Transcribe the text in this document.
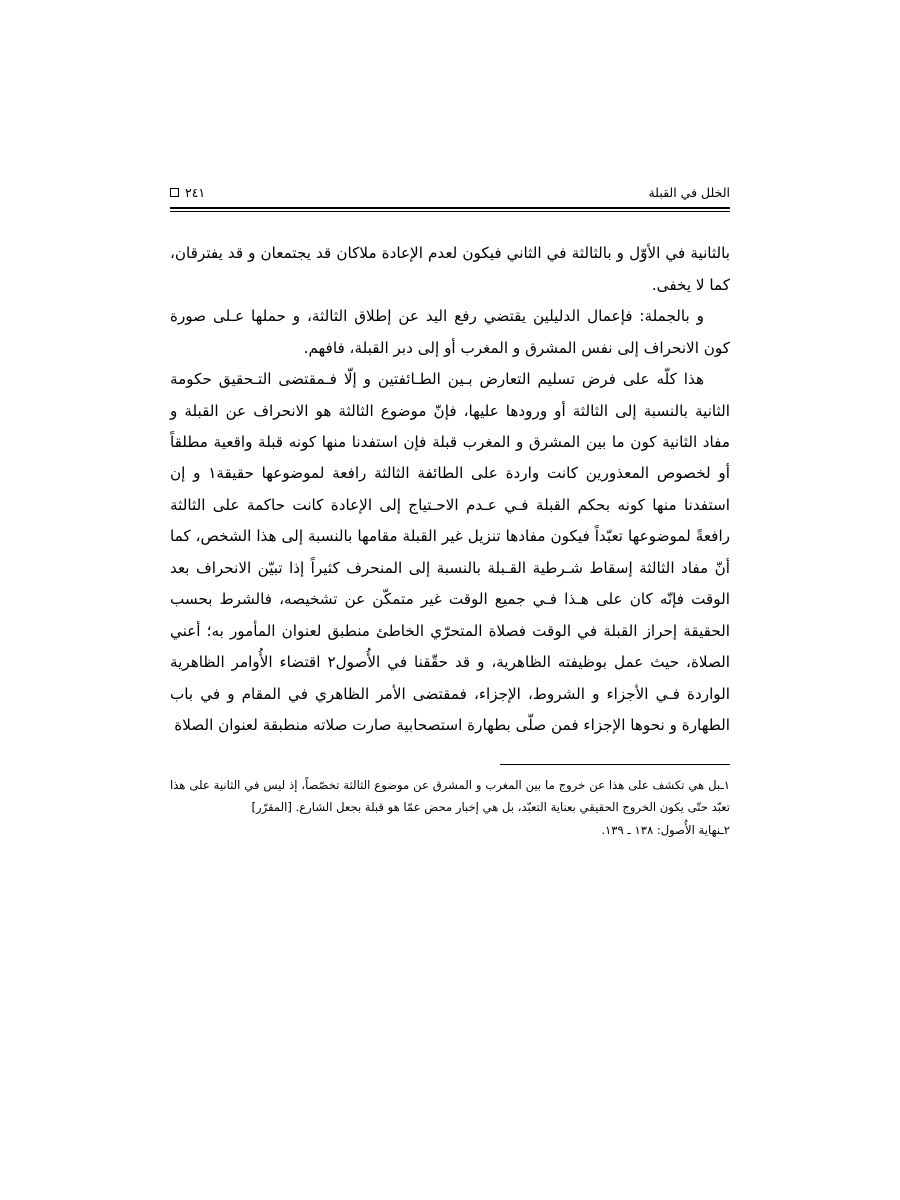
٢٤١	الخلل في القبلة

بالثانية في الأوّل و بالثالثة في الثاني فيكون لعدم الإعادة ملاكان قد يجتمعان و قد يفترقان، كما لا يخفى.

و بالجملة: فإعمال الدليلين يقتضي رفع اليد عن إطلاق الثالثة، و حملها عـلى صورة كون الانحراف إلى نفس المشرق و المغرب أو إلى دبر القبلة، فافهم.

هذا كلّه على فرض تسليم التعارض بـين الطـائفتين و إلّا فـمقتضى التـحقيق حكومة الثانية بالنسبة إلى الثالثة أو ورودها عليها، فإنّ موضوع الثالثة هو الانحراف عن القبلة و مفاد الثانية كون ما بين المشرق و المغرب قبلة فإن استفدنا منها كونه قبلة واقعية مطلقاً أو لخصوص المعذورين كانت واردة على الطائفة الثالثة رافعة لموضوعها حقيقة١ و إن استفدنا منها كونه بحكم القبلة فـي عـدم الاحـتياج إلى الإعادة كانت حاكمة على الثالثة رافعةً لموضوعها تعبّداً فيكون مفادها تنزيل غير القبلة مقامها بالنسبة إلى هذا الشخص، كما أنّ مفاد الثالثة إسقاط شـرطية القـبلة بالنسبة إلى المنحرف كثيراً إذا تبيّن الانحراف بعد الوقت فإنّه كان على هـذا فـي جميع الوقت غير متمكّن عن تشخيصه، فالشرط بحسب الحقيقة إحراز القبلة في الوقت فصلاة المتحرّي الخاطئ منطبق لعنوان المأمور به؛ أعني الصلاة، حيث عمل بوظيفته الظاهرية، و قد حقّقنا في الأُصول٢ اقتضاء الأُوامر الظاهرية الواردة فـي الأجزاء و الشروط، الإجزاء، فمقتضى الأمر الظاهري في المقام و في باب الطهارة و نحوها الإجزاء فمن صلّى بطهارة استصحابية صارت صلاته منطبقة لعنوان الصلاة

١ـبل هي تكشف على هذا عن خروج ما بين المغرب و المشرق عن موضوع الثالثة تخصّصاً، إذ ليس في الثانية على هذا تعبّد حتّى يكون الخروج الحقيقي بعناية التعبّد، بل هي إخبار محض عمّا هو قبلة بجعل الشارع. [المقرّر]

٢ـنهاية الأُصول: ١٣٨ ـ ١٣٩.
